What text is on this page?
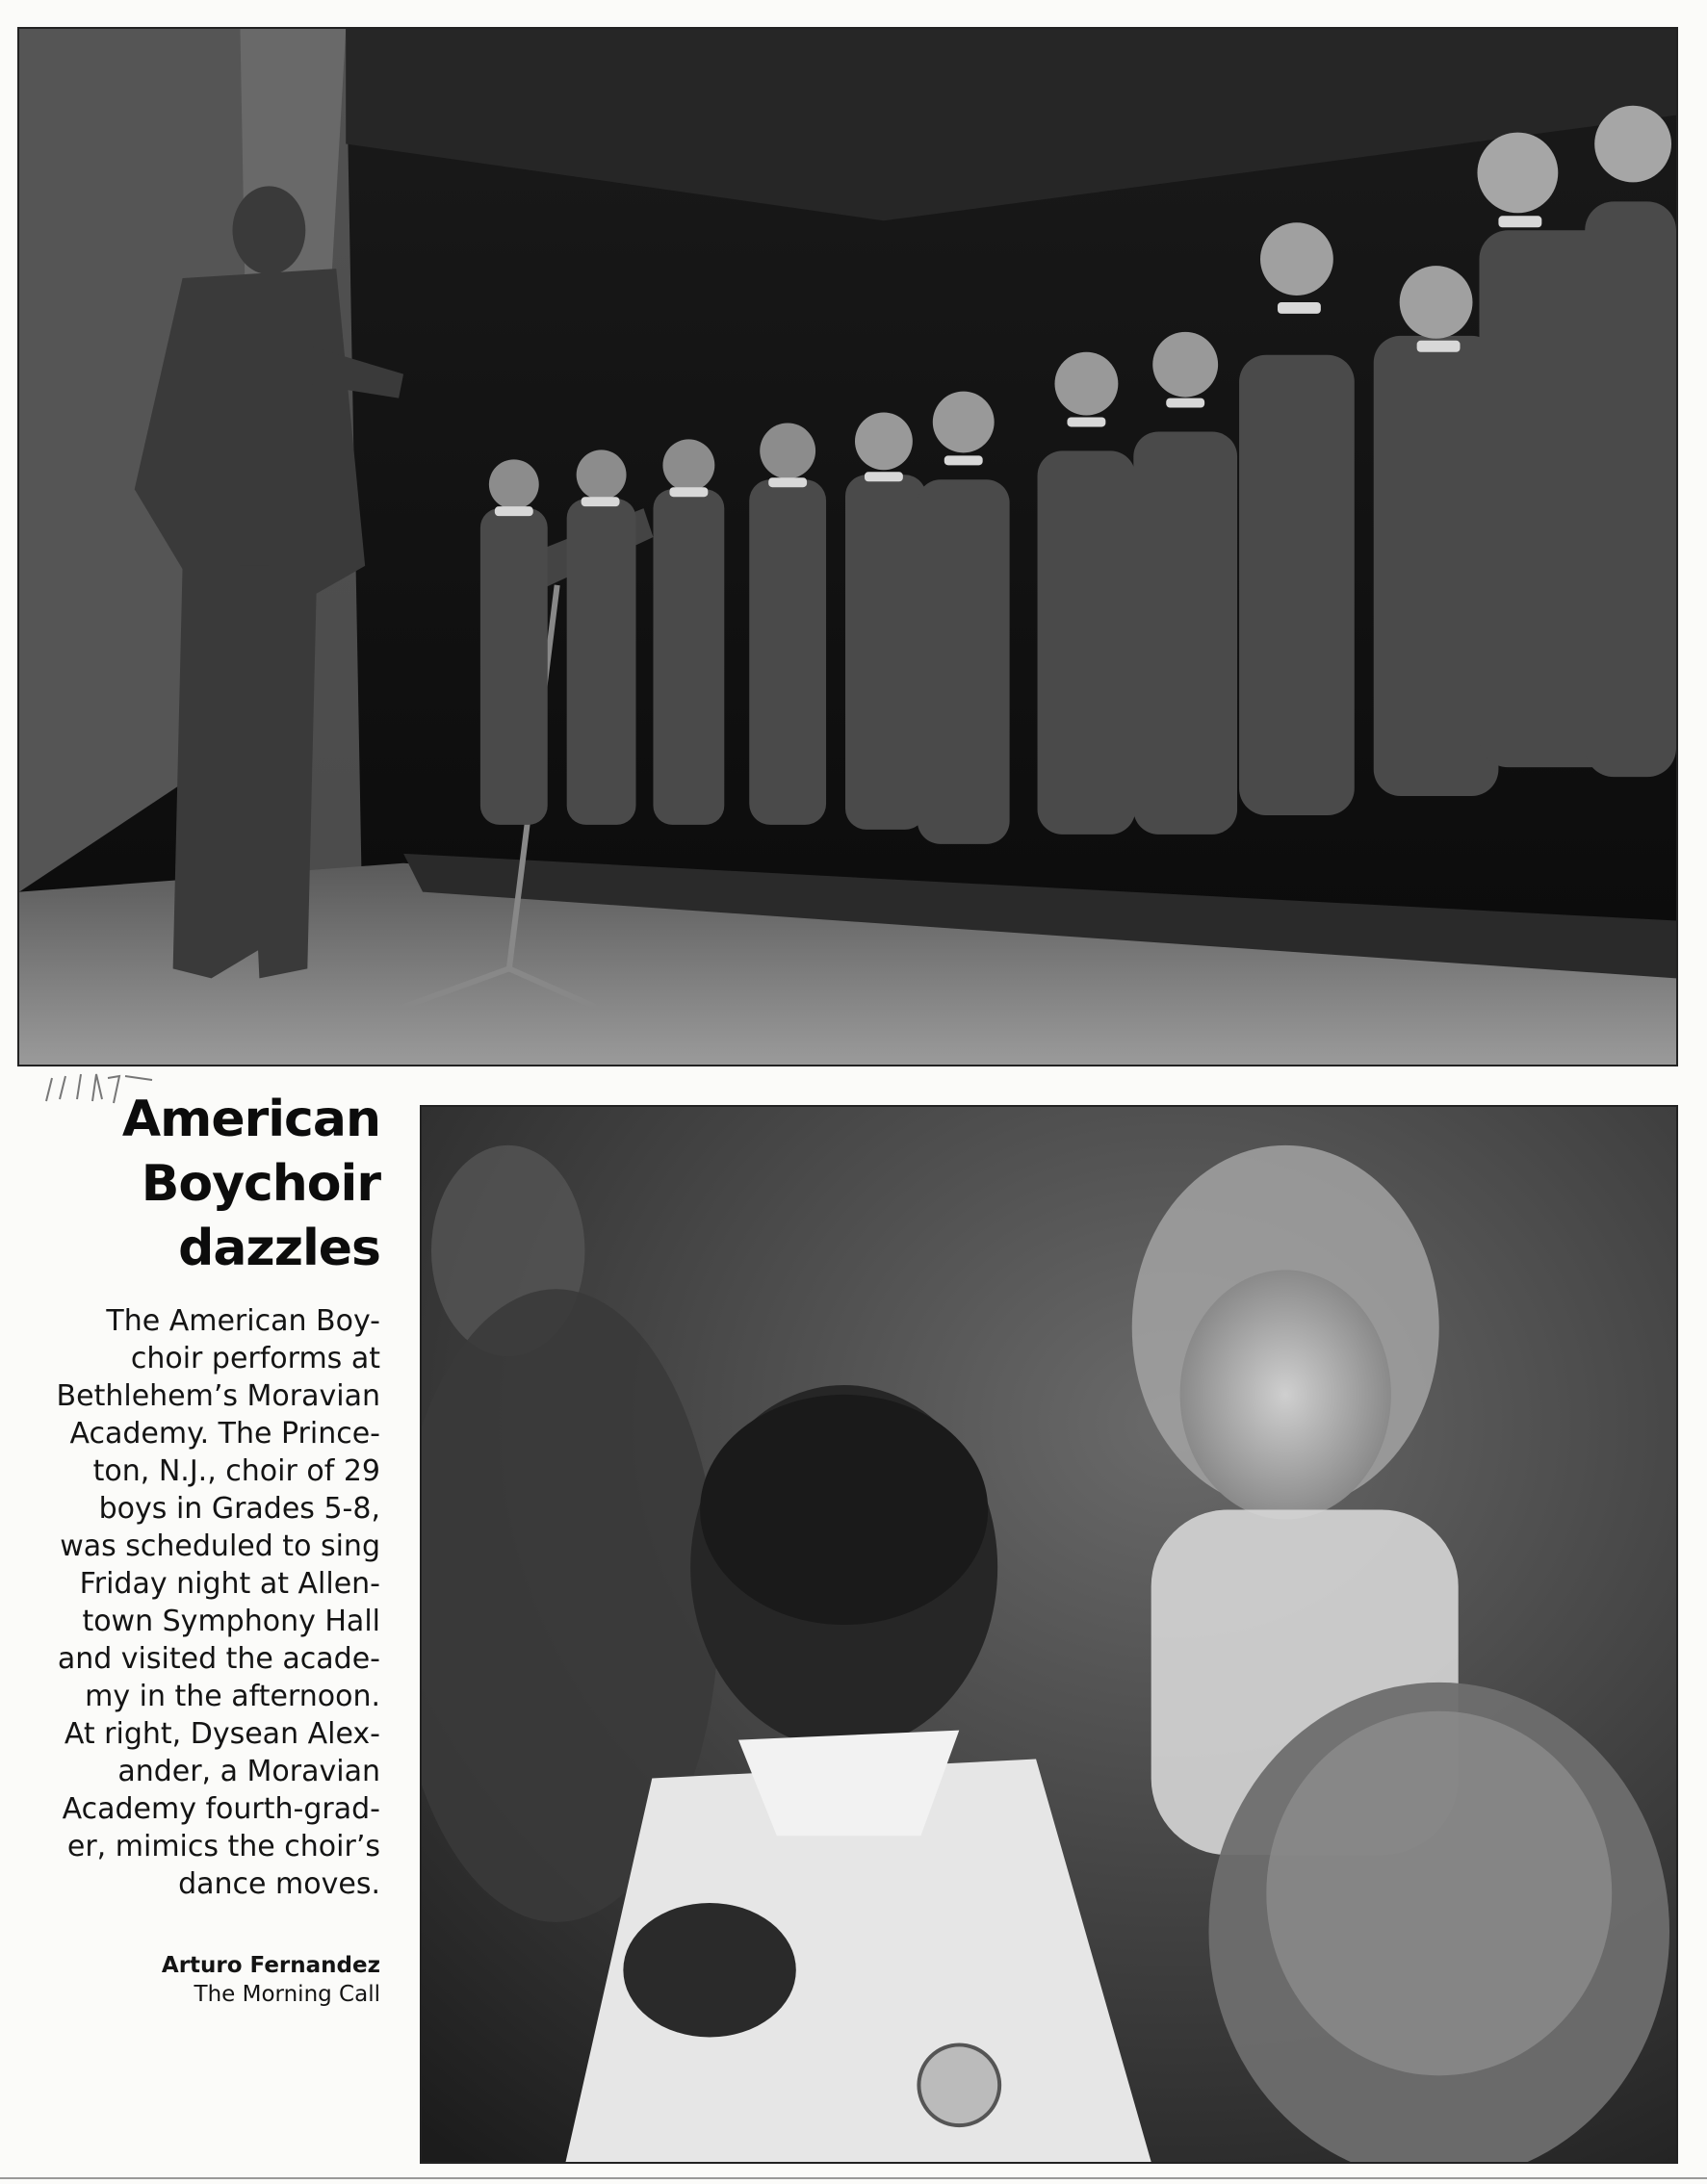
American
Boychoir
dazzles
The American Boy-
choir performs at
Bethlehem’s Moravian
Academy. The Prince-
ton, N.J., choir of 29
boys in Grades 5-8,
was scheduled to sing
Friday night at Allen-
town Symphony Hall
and visited the acade-
my in the afternoon.
At right, Dysean Alex-
ander, a Moravian
Academy fourth-grad-
er, mimics the choir’s
dance moves.
Arturo Fernandez
The Morning Call
